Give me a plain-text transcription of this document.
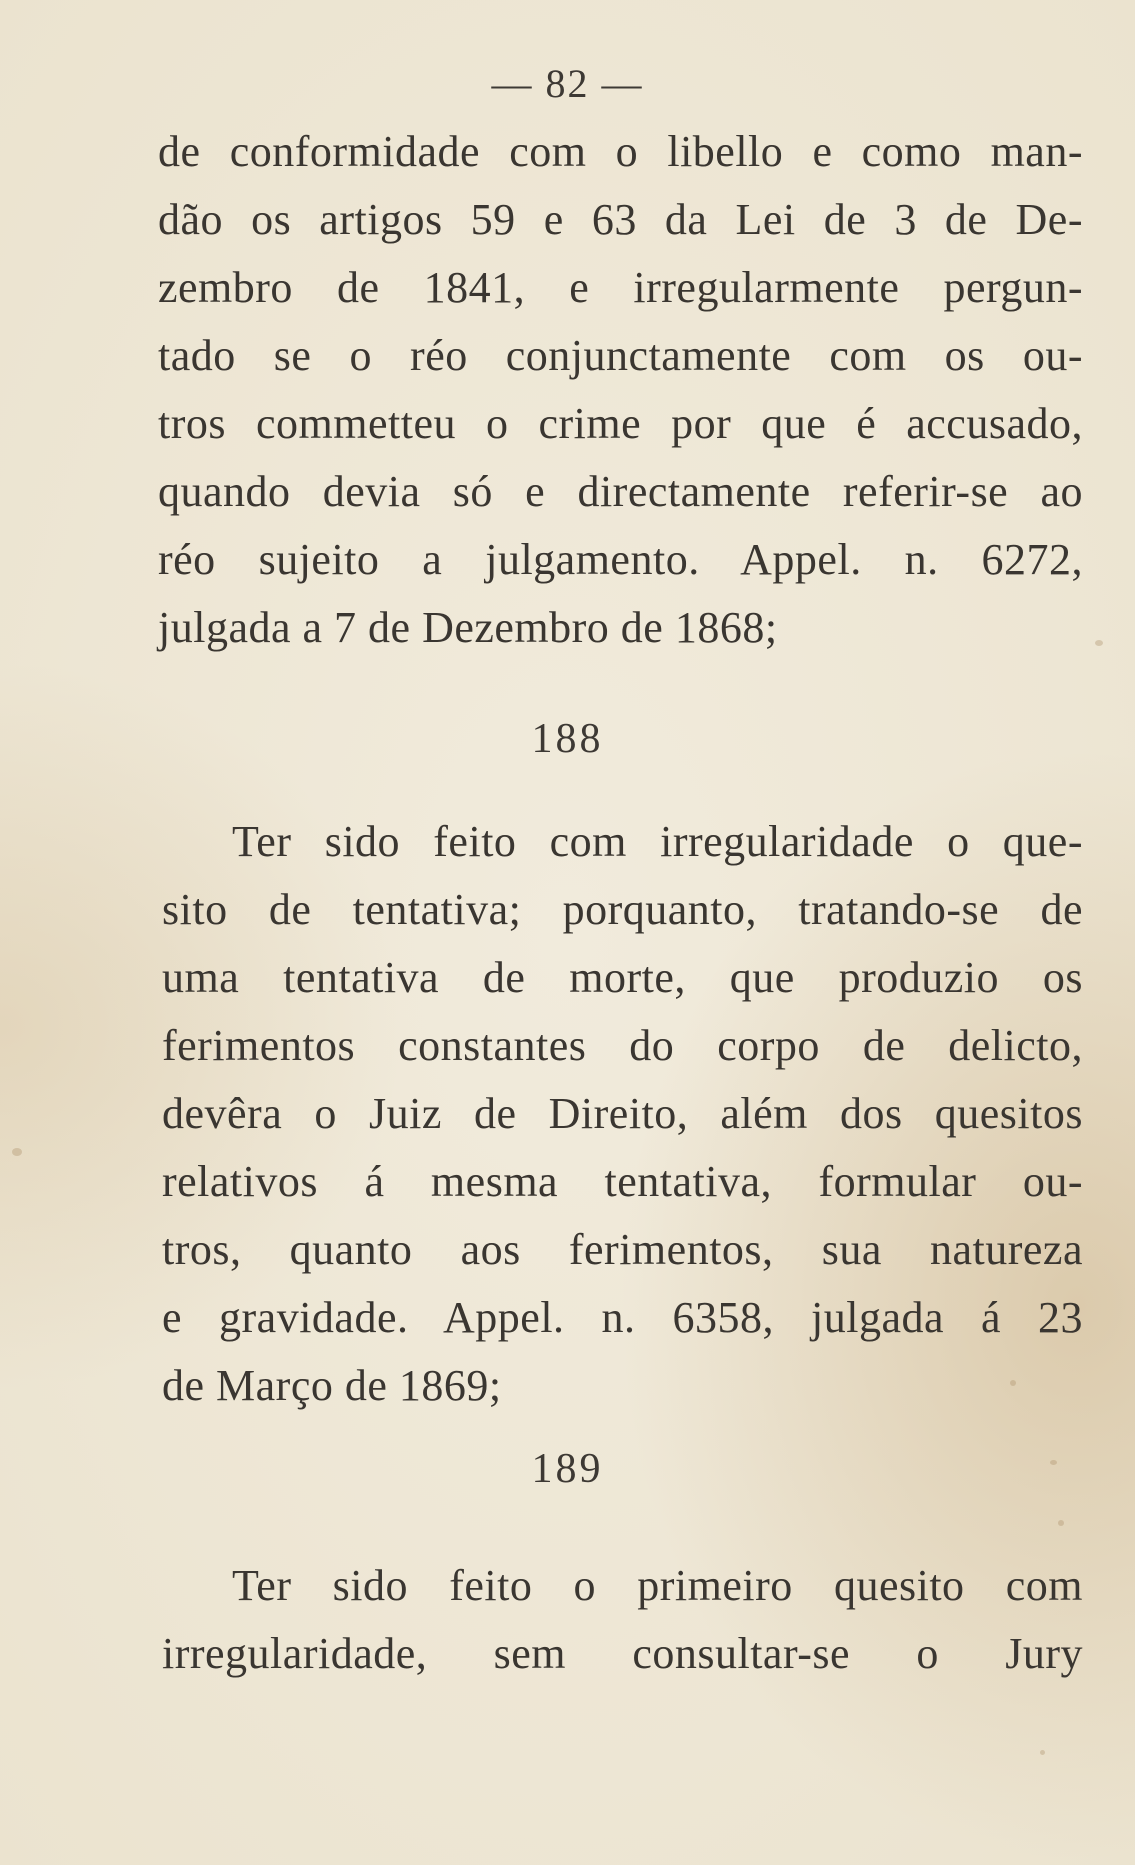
— 82 —
de conformidade com o libello e como man-
dão os artigos 59 e 63 da Lei de 3 de De-
zembro de 1841, e irregularmente pergun-
tado se o réo conjunctamente com os ou-
tros commetteu o crime por que é accusado,
quando devia só e directamente referir-se ao
réo sujeito a julgamento. Appel. n. 6272,
julgada a 7 de Dezembro de 1868;
188
Ter sido feito com irregularidade o que-
sito de tentativa; porquanto, tratando-se de
uma tentativa de morte, que produzio os
ferimentos constantes do corpo de delicto,
devêra o Juiz de Direito, além dos quesitos
relativos á mesma tentativa, formular ou-
tros, quanto aos ferimentos, sua natureza
e gravidade. Appel. n. 6358, julgada á 23
de Março de 1869;
189
Ter sido feito o primeiro quesito com
irregularidade, sem consultar-se o Jury
